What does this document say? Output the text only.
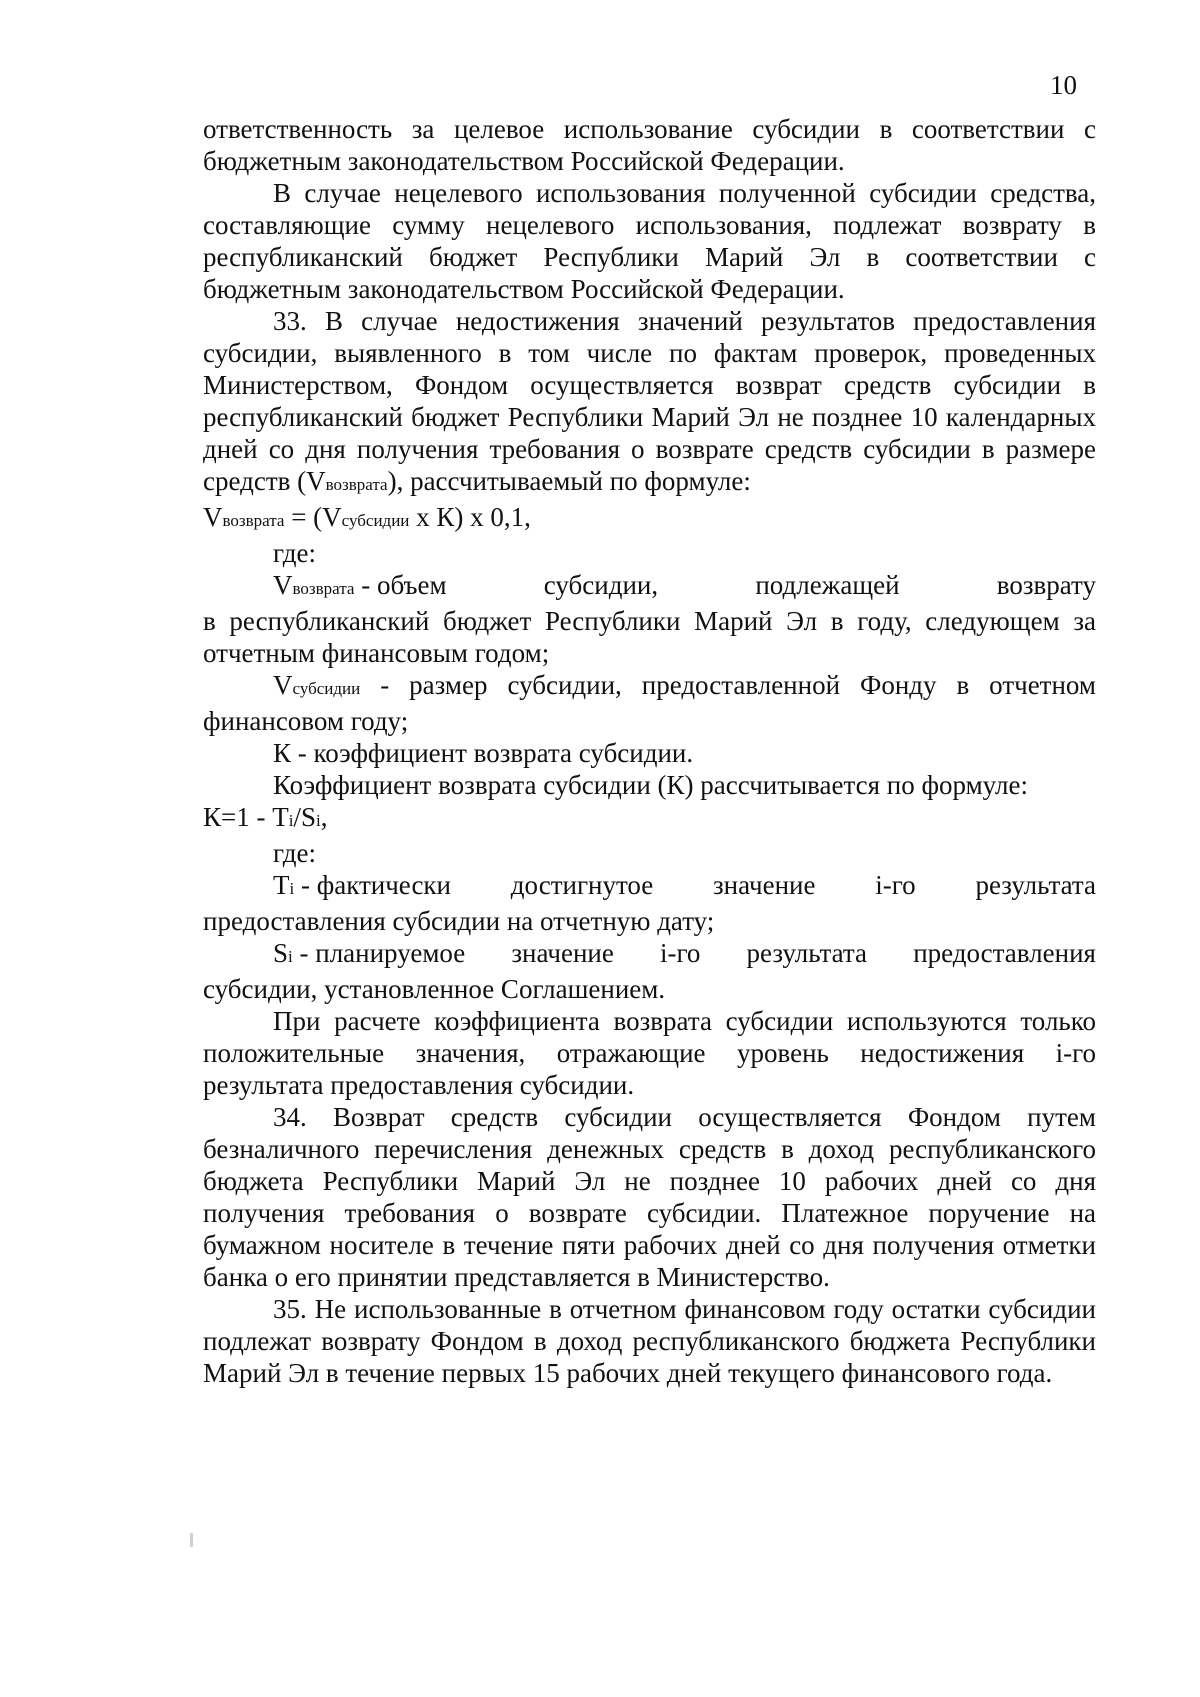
10

ответственность за целевое использование субсидии в соответствии с бюджетным законодательством Российской Федерации.

В случае нецелевого использования полученной субсидии средства, составляющие сумму нецелевого использования, подлежат возврату в республиканский бюджет Республики Марий Эл в соответствии с бюджетным законодательством Российской Федерации.

33. В случае недостижения значений результатов предоставления субсидии, выявленного в том числе по фактам проверок, проведенных Министерством, Фондом осуществляется возврат средств субсидии в республиканский бюджет Республики Марий Эл не позднее 10 календарных дней со дня получения требования о возврате средств субсидии в размере средств (Vвозврата), рассчитываемый по формуле:

Vвозврата = (Vсубсидии x К) x 0,1,

где:

Vвозврата - объем	субсидии,	подлежащей	возврату

в республиканский бюджет Республики Марий Эл в году, следующем за отчетным финансовым годом;

Vсубсидии - размер субсидии, предоставленной Фонду в отчетном финансовом году;

К - коэффициент возврата субсидии.

Коэффициент возврата субсидии (К) рассчитывается по формуле:

К=1 - Тi/Si,

где:

Тi - фактически достигнутое значение i-го результата

предоставления субсидии на отчетную дату;

Si - планируемое значение i-го результата предоставления

субсидии, установленное Соглашением.

При расчете коэффициента возврата субсидии используются только положительные значения, отражающие уровень недостижения i-го результата предоставления субсидии.

34. Возврат средств субсидии осуществляется Фондом путем безналичного перечисления денежных средств в доход республиканского бюджета Республики Марий Эл не позднее 10 рабочих дней со дня получения требования о возврате субсидии. Платежное поручение на бумажном носителе в течение пяти рабочих дней со дня получения отметки банка о его принятии представляется в Министерство.

35. Не использованные в отчетном финансовом году остатки субсидии подлежат возврату Фондом в доход республиканского бюджета Республики Марий Эл в течение первых 15 рабочих дней текущего финансового года.
